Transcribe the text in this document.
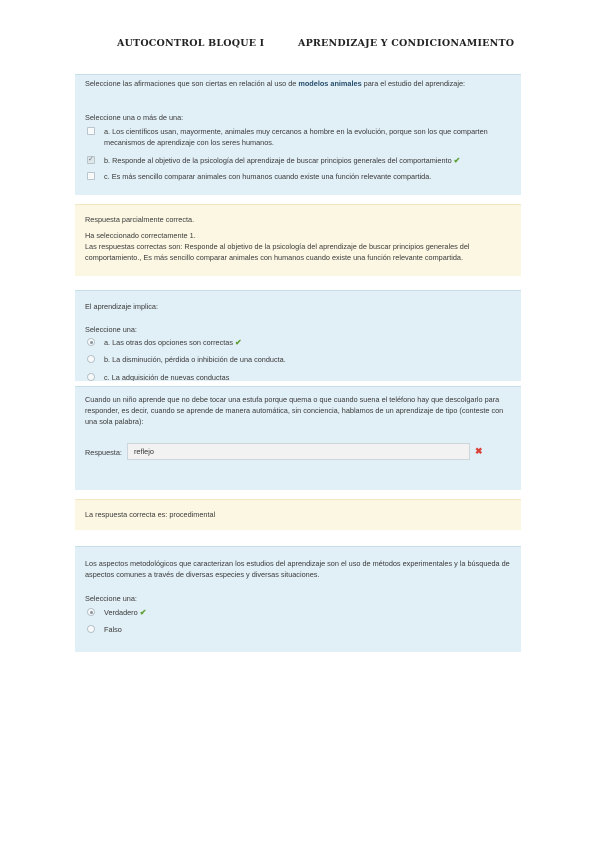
AUTOCONTROL BLOQUE I	APRENDIZAJE Y CONDICIONAMIENTO

Seleccione las afirmaciones que son ciertas en relación al uso de modelos animales para el estudio del aprendizaje:

Seleccione una o más de una:

a. Los científicos usan, mayormente, animales muy cercanos a hombre en la evolución, porque son los que comparten mecanismos de aprendizaje con los seres humanos.
✓
b. Responde al objetivo de la psicología del aprendizaje de buscar principios generales del comportamiento ✔
c. Es más sencillo comparar animales con humanos cuando existe una función relevante compartida.

Respuesta parcialmente correcta.

Ha seleccionado correctamente 1.

Las respuestas correctas son: Responde al objetivo de la psicología del aprendizaje de buscar principios generales del comportamiento., Es más sencillo comparar animales con humanos cuando existe una función relevante compartida.

El aprendizaje implica:

Seleccione una:

a. Las otras dos opciones son correctas ✔
b. La disminución, pérdida o inhibición de una conducta.
c. La adquisición de nuevas conductas

Cuando un niño aprende que no debe tocar una estufa porque quema o que cuando suena el teléfono hay que descolgarlo para responder, es decir, cuando se aprende de manera automática, sin conciencia, hablamos de un aprendizaje de tipo (conteste con una sola palabra):

Respuesta:	reflejo	✖

La respuesta correcta es: procedimental

Los aspectos metodológicos que caracterizan los estudios del aprendizaje son el uso de métodos experimentales y la búsqueda de aspectos comunes a través de diversas especies y diversas situaciones.

Seleccione una:

Verdadero ✔
Falso
